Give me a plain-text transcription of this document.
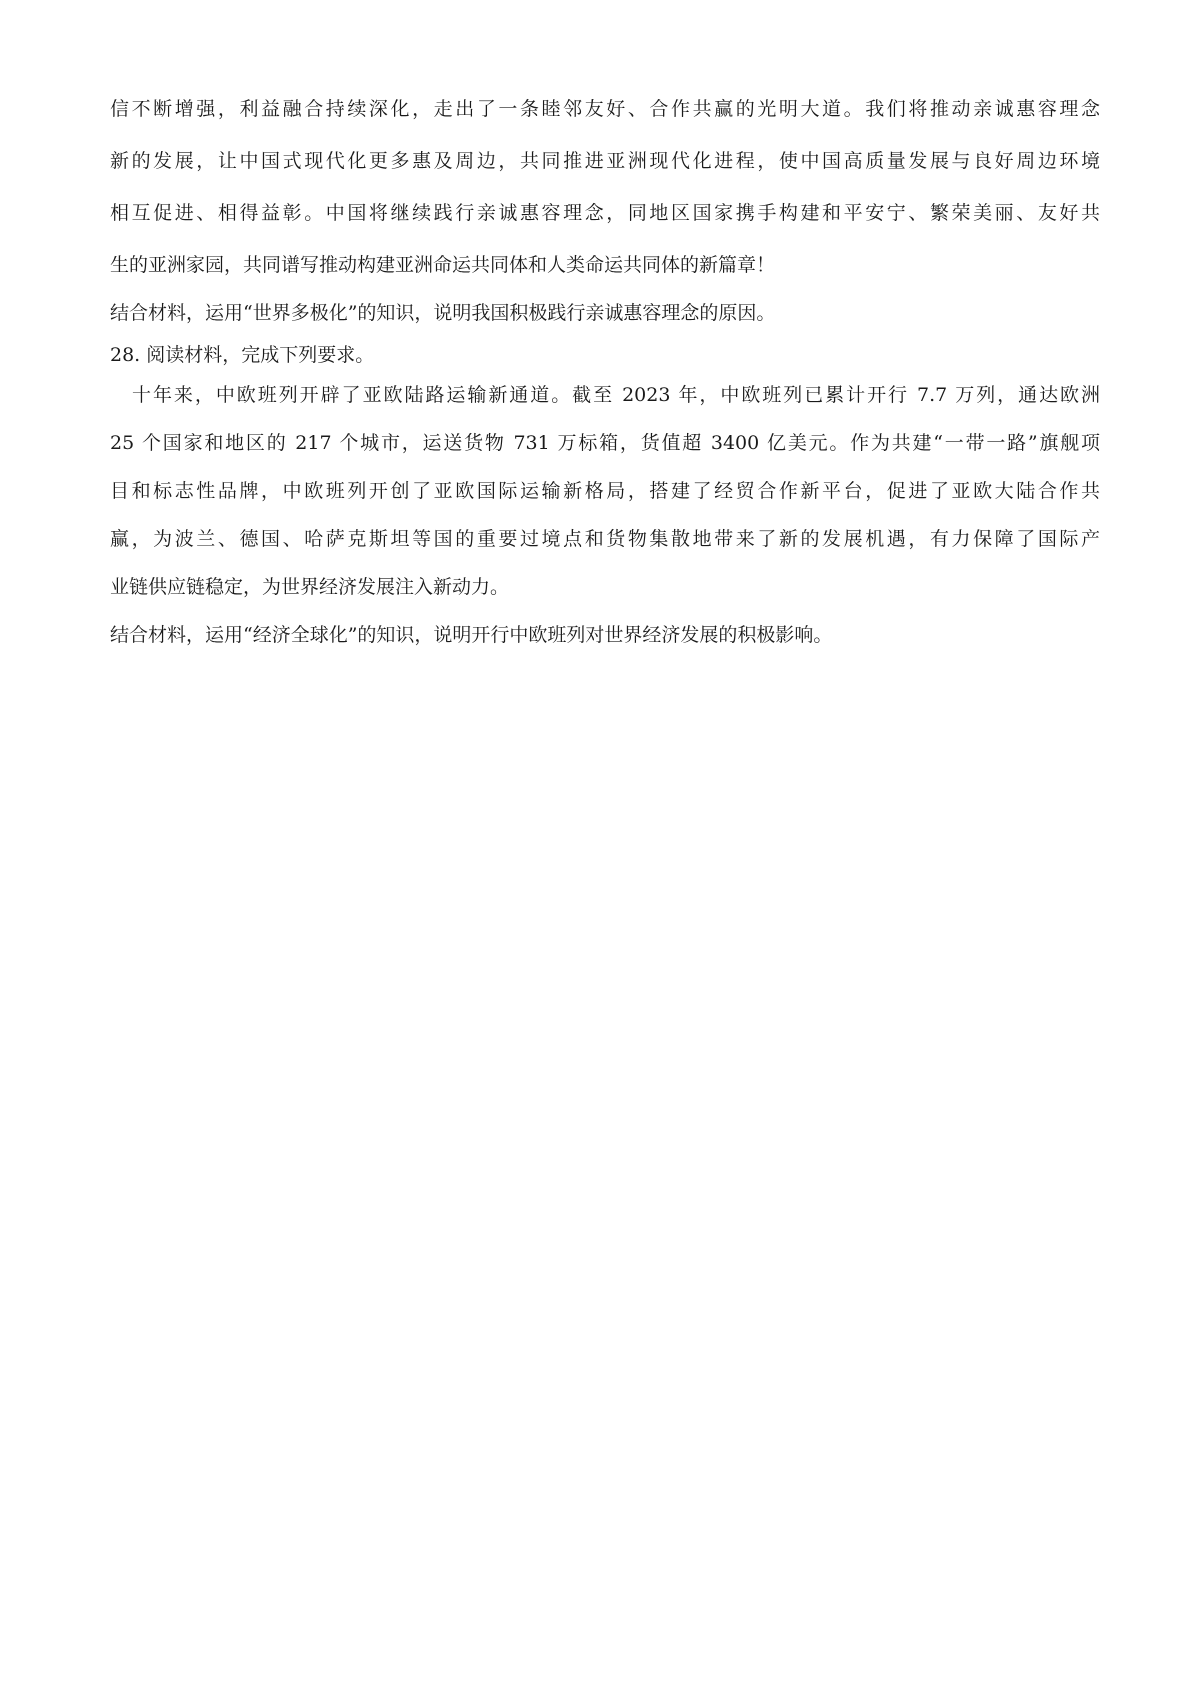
信不断增强，利益融合持续深化，走出了一条睦邻友好、合作共赢的光明大道。我们将推动亲诚惠容理念

新的发展，让中国式现代化更多惠及周边，共同推进亚洲现代化进程，使中国高质量发展与良好周边环境

相互促进、相得益彰。中国将继续践行亲诚惠容理念，同地区国家携手构建和平安宁、繁荣美丽、友好共

生的亚洲家园，共同谱写推动构建亚洲命运共同体和人类命运共同体的新篇章！

结合材料，运用“世界多极化”的知识，说明我国积极践行亲诚惠容理念的原因。

28. 阅读材料，完成下列要求。

十年来，中欧班列开辟了亚欧陆路运输新通道。截至 2023 年，中欧班列已累计开行 7.7 万列，通达欧洲

25 个国家和地区的 217 个城市，运送货物 731 万标箱，货值超 3400 亿美元。作为共建“一带一路”旗舰项

目和标志性品牌，中欧班列开创了亚欧国际运输新格局，搭建了经贸合作新平台，促进了亚欧大陆合作共

赢，为波兰、德国、哈萨克斯坦等国的重要过境点和货物集散地带来了新的发展机遇，有力保障了国际产

业链供应链稳定，为世界经济发展注入新动力。

结合材料，运用“经济全球化”的知识，说明开行中欧班列对世界经济发展的积极影响。
